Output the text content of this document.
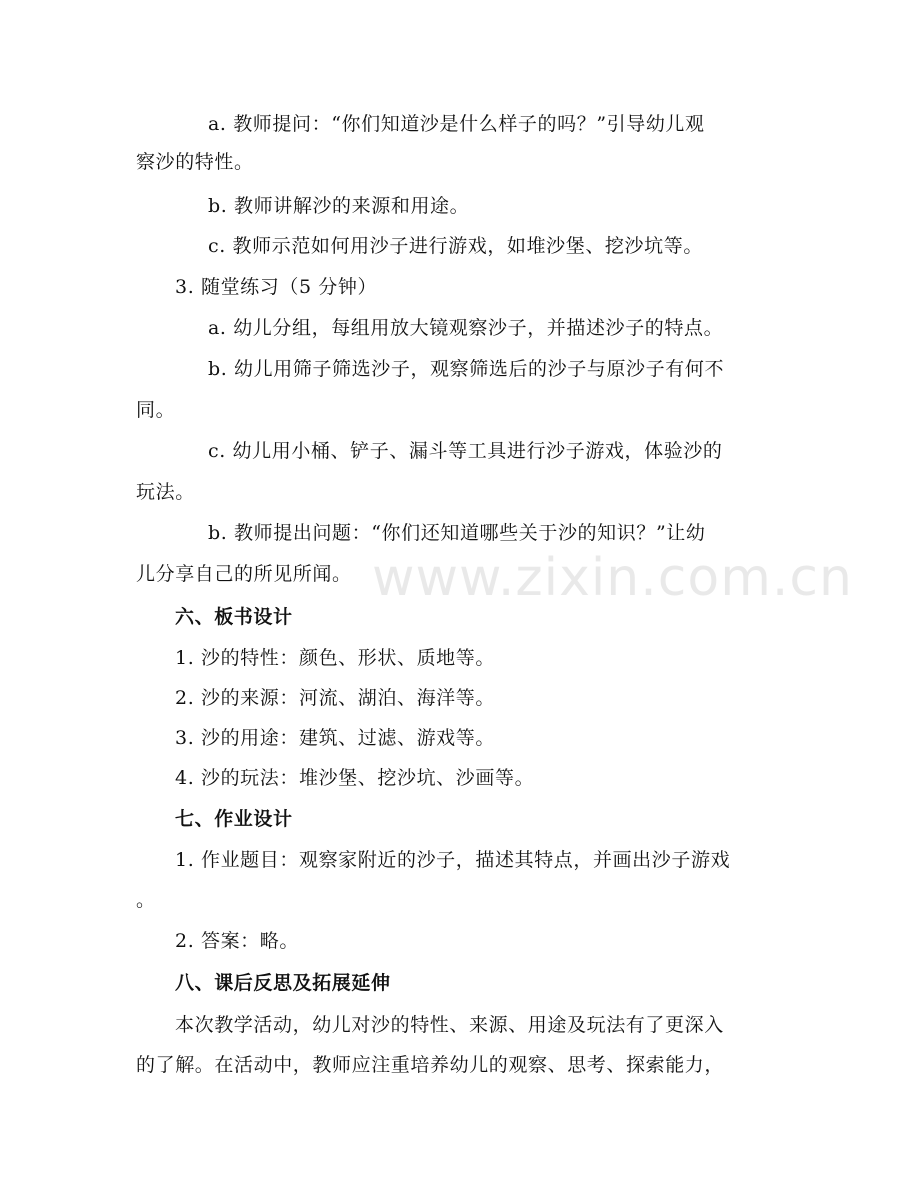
a. 教师提问：“你们知道沙是什么样子的吗？”引导幼儿观
察沙的特性。
b. 教师讲解沙的来源和用途。
c. 教师示范如何用沙子进行游戏，如堆沙堡、挖沙坑等。
3. 随堂练习（5 分钟）
a. 幼儿分组，每组用放大镜观察沙子，并描述沙子的特点。
b. 幼儿用筛子筛选沙子，观察筛选后的沙子与原沙子有何不
同。
c. 幼儿用小桶、铲子、漏斗等工具进行沙子游戏，体验沙的
玩法。
b. 教师提出问题：“你们还知道哪些关于沙的知识？”让幼
儿分享自己的所见所闻。
六、板书设计
1. 沙的特性：颜色、形状、质地等。
2. 沙的来源：河流、湖泊、海洋等。
3. 沙的用途：建筑、过滤、游戏等。
4. 沙的玩法：堆沙堡、挖沙坑、沙画等。
七、作业设计
1. 作业题目：观察家附近的沙子，描述其特点，并画出沙子游戏
。
2. 答案：略。
八、课后反思及拓展延伸
本次教学活动，幼儿对沙的特性、来源、用途及玩法有了更深入
的了解。在活动中，教师应注重培养幼儿的观察、思考、探索能力，
www.zixin.com.cn
